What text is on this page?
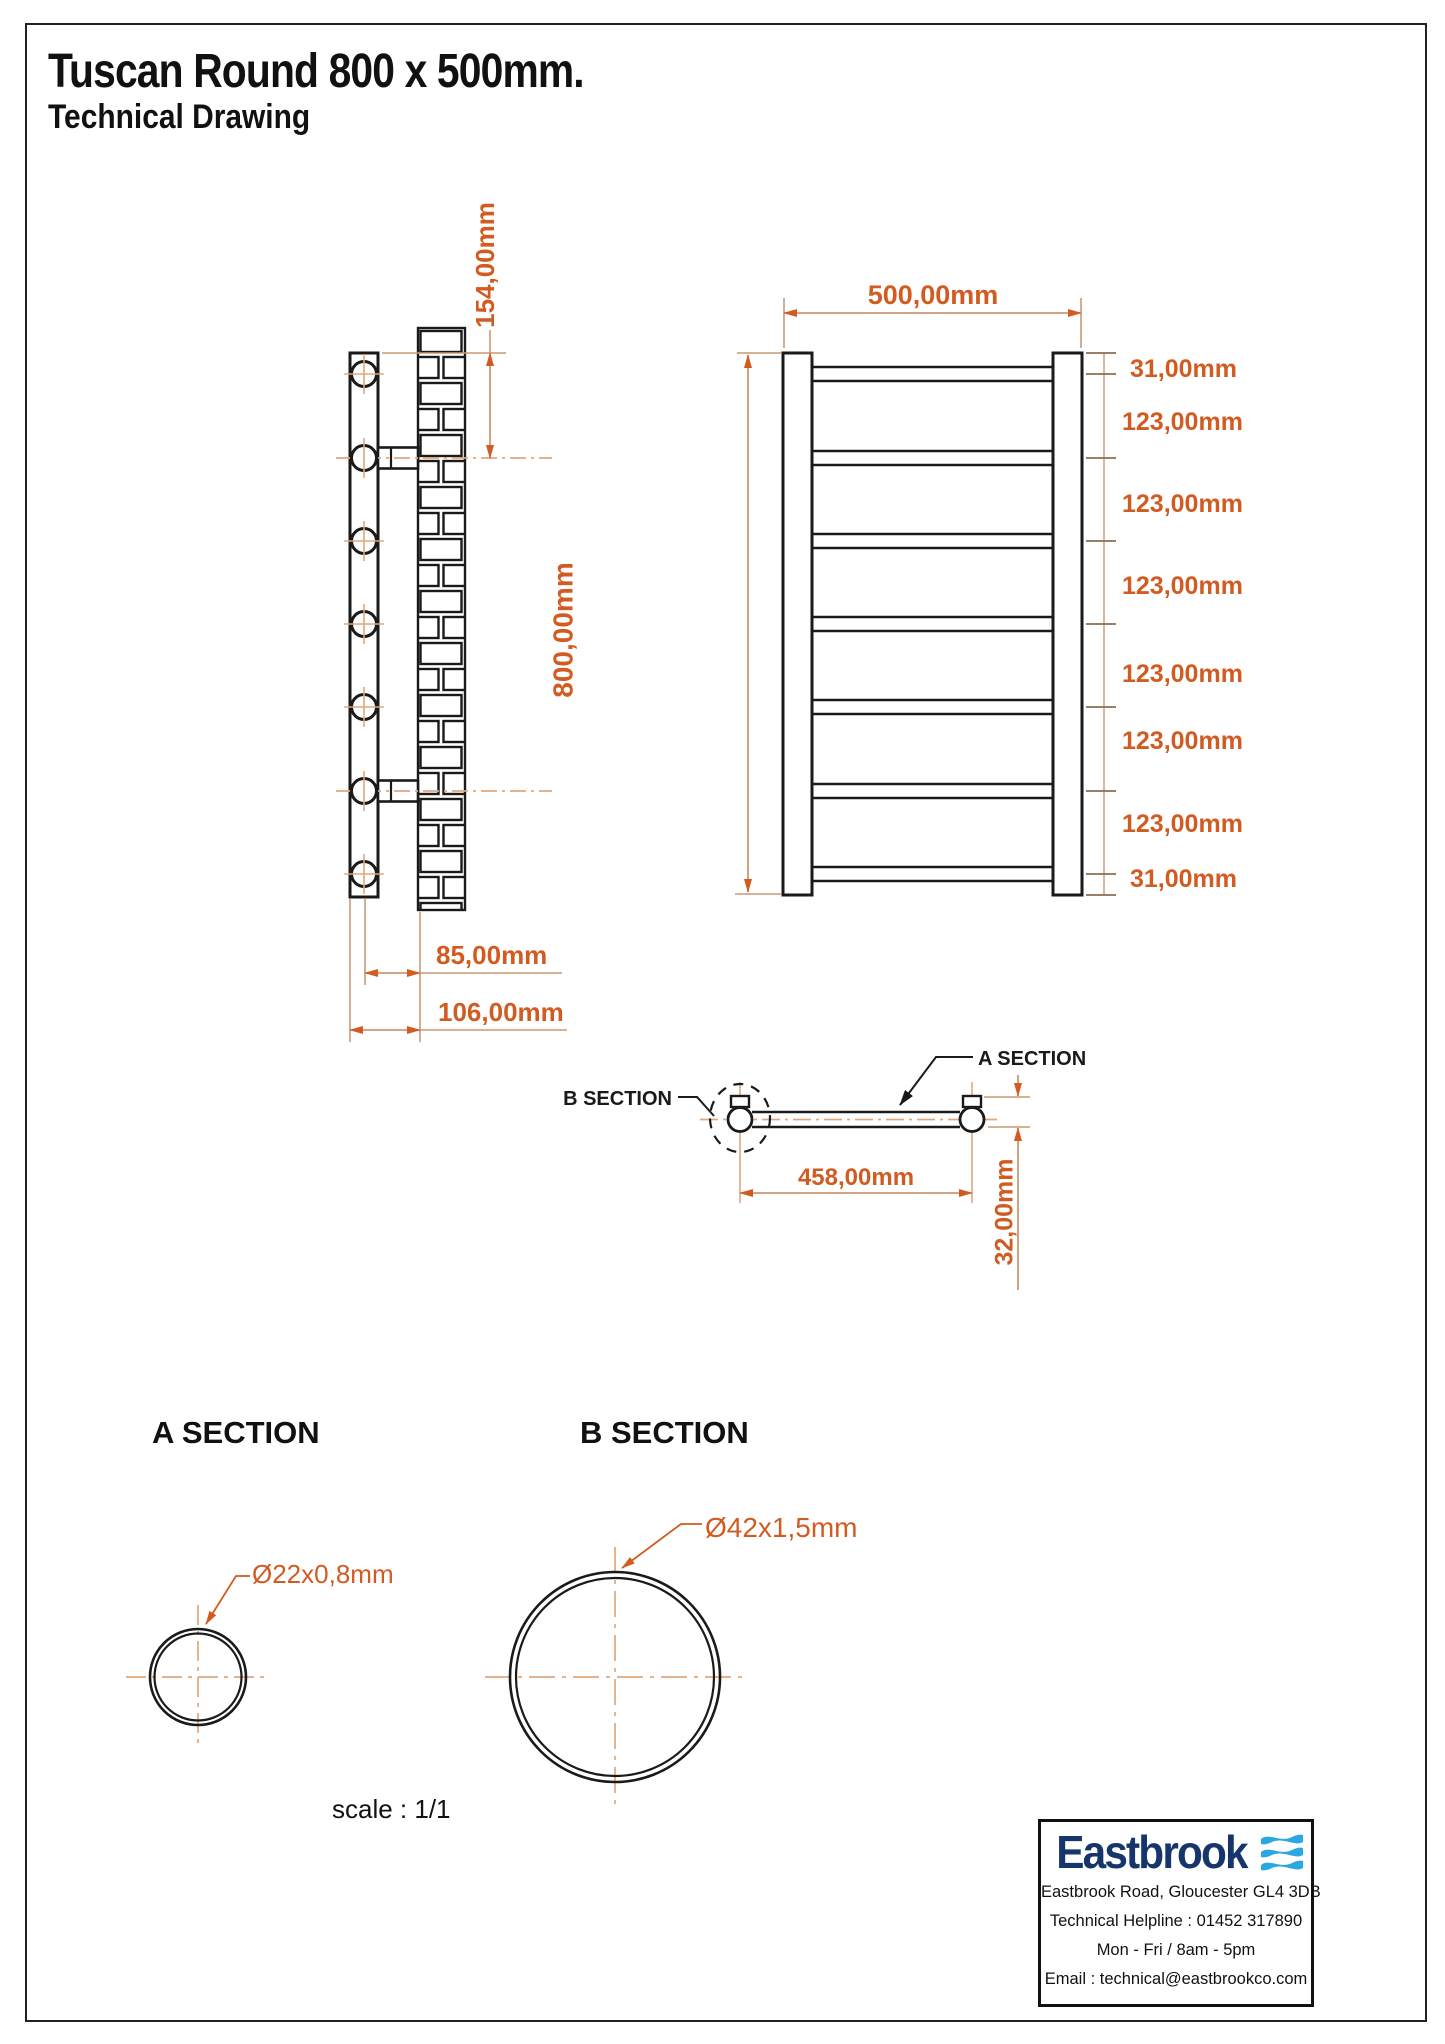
Tuscan Round 800 x 500mm.
Technical Drawing
154,00mm
85,00mm
106,00mm
500,00mm
800,00mm
31,00mm
123,00mm
123,00mm
123,00mm
123,00mm
123,00mm
123,00mm
31,00mm
A SECTION
B SECTION
458,00mm	32,00mm
A SECTION
Ø22x0,8mm
B SECTION
Ø42x1,5mm
scale : 1/1
Eastbrook
Eastbrook Road, Gloucester GL4 3DB
Technical Helpline : 01452 317890
Mon - Fri / 8am - 5pm
Email : technical@eastbrookco.com
